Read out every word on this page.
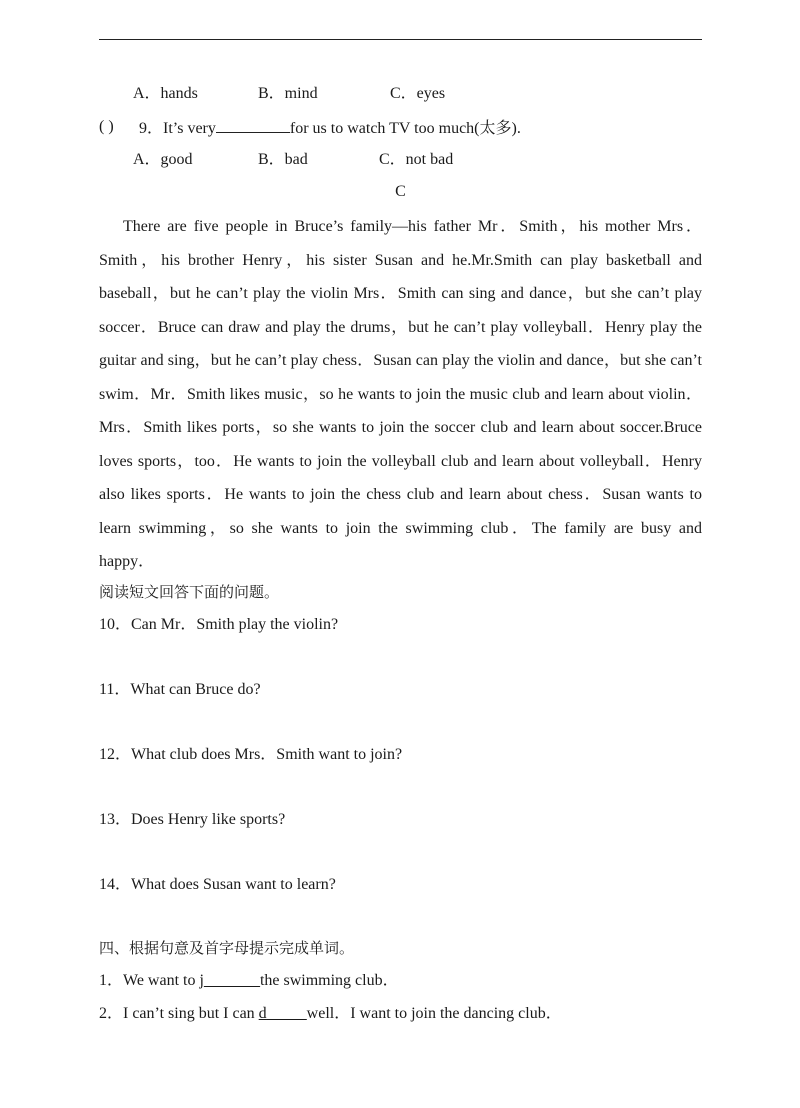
A．hands	B．mind	C．eyes
( ) 9．It’s very	for us to watch TV too much(太多).
A．good	B．bad	C．not bad
C
There are five people in Bruce’s family—his father Mr．Smith，his mother Mrs．Smith，his brother Henry，his sister Susan and he.Mr.Smith can play basketball and baseball，but he can’t play the violin Mrs．Smith can sing and dance，but she can’t play soccer．Bruce can draw and play the drums，but he can’t play volleyball．Henry play the guitar and sing，but he can’t play chess．Susan can play the violin and dance，but she can’t swim．Mr．Smith likes music，so he wants to join the music club and learn about violin．Mrs．Smith likes ports，so she wants to join the soccer club and learn about soccer.Bruce loves sports，too．He wants to join the volleyball club and learn about volleyball．Henry also likes sports．He wants to join the chess club and learn about chess．Susan wants to learn swimming，so she wants to join the swimming club．The family are busy and happy．
阅读短文回答下面的问题。
10．Can Mr．Smith play the violin?
11．What can Bruce do?
12．What club does Mrs．Smith want to join?
13．Does Henry like sports?
14．What does Susan want to learn?
四、根据句意及首字母提示完成单词。
1．We want to j_______the swimming club．
2．I can’t sing but I can d_____well．I want to join the dancing club．
